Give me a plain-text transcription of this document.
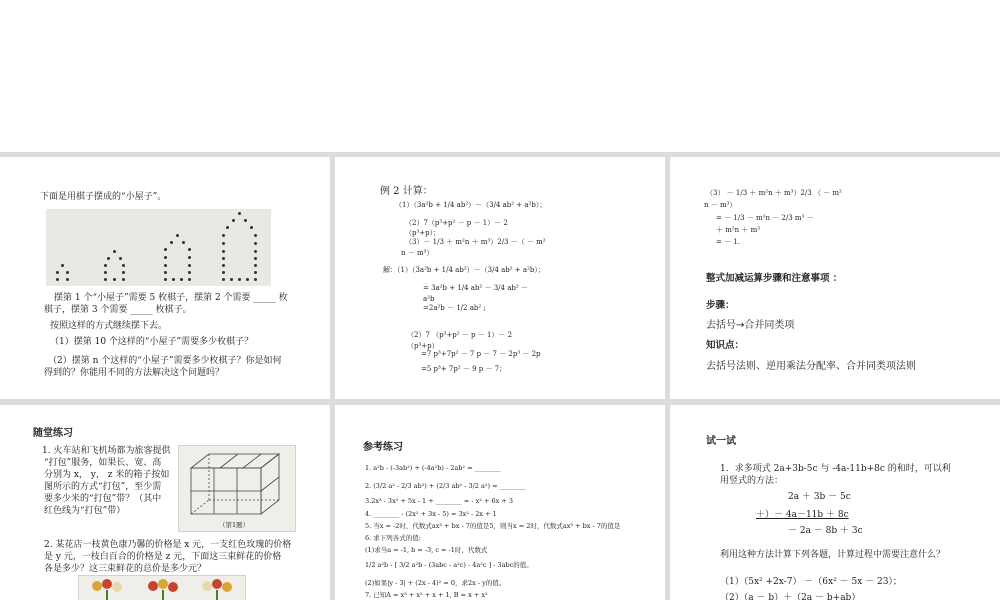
下面是用棋子摆成的“小屋子”。
摆第 1 个“小屋子”需要 5 枚棋子，摆第 2 个需要 _____ 枚
棋子，摆第 3 个需要 _____ 枚棋子。
按照这样的方式继续摆下去。
（1）摆第 10 个这样的“小屋子”需要多少枚棋子？
（2）摆第 n 个这样的“小屋子”需要多少枚棋子？你是如何
得到的？你能用不同的方法解决这个问题吗？
例 2 计算：
（1）（3a²b + 1/4 ab²）－（3/4 ab² + a²b）；
（2）7（p³+p² － p － 1）－ 2
（p³+p）；
（3）－ 1/3 ＋ m²n ＋ m³）2/3 －（ － m²
n － m³）
解：（1）（3a²b + 1/4 ab²）－（3/4 ab² + a²b）；
= 3a²b + 1/4 ab² － 3/4 ab² －
a²b
=2a²b － 1/2 ab² ;
（2）7 （p³+p² － p － 1）－ 2
（p³+p）
=7 p³+7p² － 7 p － 7 － 2p³ － 2p
=5 p³+ 7p² － 9 p － 7；
（3） － 1/3 ＋ m²n ＋ m³）2/3 （ － m²
n － m³）
= － 1/3 － m²n － 2/3 m³ －
＋ m²n ＋ m³
= － 1.
整式加减运算步骤和注意事项 ：
步骤：
去括号→合并同类项
知识点：
去括号法则、逆用乘法分配率、合并同类项法则
随堂练习
1. 火车站和飞机场都为旅客提供
“打包”服务，如果长、宽、高
分别为 x， y， z 米的箱子按如
图所示的方式“打包”，至少需
要多少米的“打包”带？（其中
红色线为“打包”带）
（第1题）
2. 某花店一枝黄色康乃馨的价格是 x 元，一支红色玫瑰的价格
是 y 元，一枝白百合的价格是 z 元，下面这三束鲜花的价格
各是多少？这三束鲜花的总价是多少元？
参考练习
1. a²b - (-3ab²) + (-4a²b) - 2ab² = ________
2. (3/2 a² - 2/3 ab²) + (2/3 ab² - 3/2 a²) = ________
3.2x³ - 3x² + 5x - 1 + ________ = - x² + 6x + 3
4. ________ - (2x² + 3x - 5) = 3x² - 2x + 1
5. 当x = -2时，代数式ax³ + bx - 7的值是5，则当x = 2时，代数式ax³ + bx - 7的值是
6. 求下列各式的值:
(1)求当a = -1, b = -3, c = -1时，代数式
1/2 a²b - [ 3/2 a²b - (3abc - a²c) - 4a²c ] - 3abc的值。
(2)如果|y - 3| + (2x - 4)² = 0，求2x - y的值。
7. 已知A = x³ + x² + x + 1, B = x + x²
试一试
1．求多项式 2a+3b-5c 与 -4a-11b+8c 的和时，可以利
用竖式的方法：
2a ＋ 3b － 5c
＋）－ 4a－11b ＋ 8c
－ 2a － 8b ＋ 3c
利用这种方法计算下列各题，计算过程中需要注意什么？
（1）（5x² +2x-7） －（6x² － 5x － 23）；
（2）（a － b）＋（2a － b+ab）
